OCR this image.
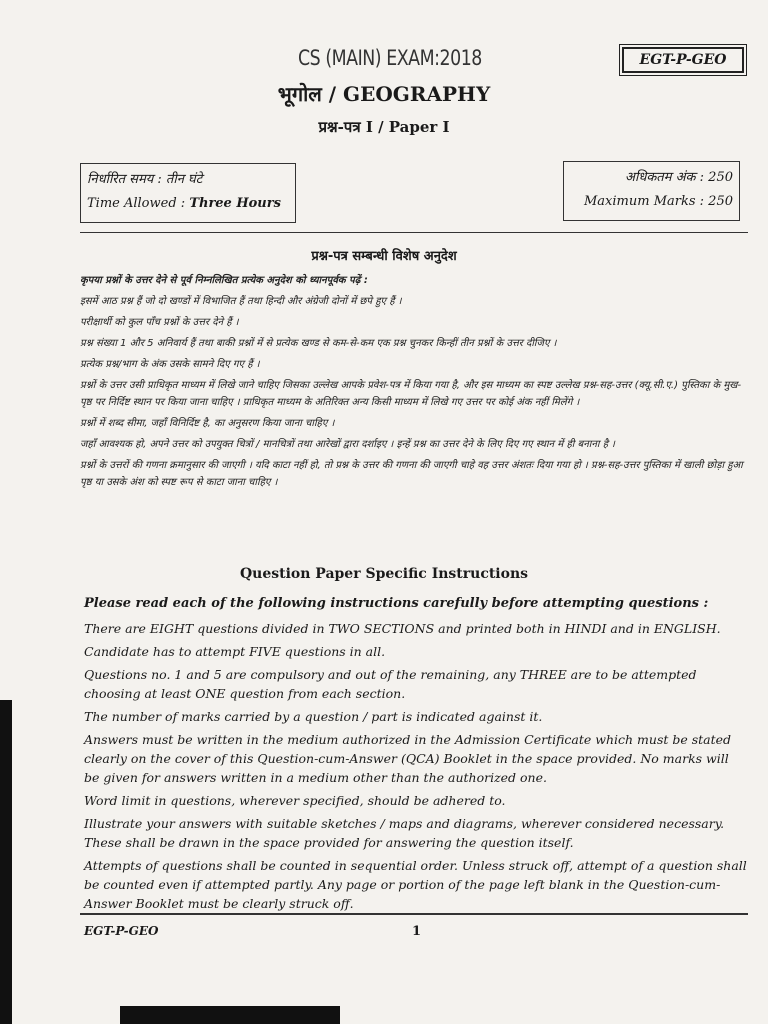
CS (MAIN) EXAM:2018	EGT-P-GEO
भूगोल / GEOGRAPHY
प्रश्न-पत्र I / Paper I
निर्धारित समय : तीन घंटे
Time Allowed : Three Hours
अधिकतम अंक : 250
Maximum Marks : 250
प्रश्न-पत्र सम्बन्धी विशेष अनुदेश

कृपया प्रश्नों के उत्तर देने से पूर्व निम्नलिखित प्रत्येक अनुदेश को ध्यानपूर्वक पढ़ें :

इसमें आठ प्रश्न हैं जो दो खण्डों में विभाजित हैं तथा हिन्दी और अंग्रेजी दोनों में छपे हुए हैं ।

परीक्षार्थी को कुल पाँच प्रश्नों के उत्तर देने हैं ।

प्रश्न संख्या 1 और 5 अनिवार्य हैं तथा बाकी प्रश्नों में से प्रत्येक खण्ड से कम-से-कम एक प्रश्न चुनकर किन्हीं तीन प्रश्नों के उत्तर दीजिए ।

प्रत्येक प्रश्न/भाग के अंक उसके सामने दिए गए हैं ।

प्रश्नों के उत्तर उसी प्राधिकृत माध्यम में लिखे जाने चाहिए जिसका उल्लेख आपके प्रवेश-पत्र में किया गया है, और इस माध्यम का स्पष्ट उल्लेख प्रश्न-सह-उत्तर (क्यू.सी.ए.) पुस्तिका के मुख-पृष्ठ पर निर्दिष्ट स्थान पर किया जाना चाहिए । प्राधिकृत माध्यम के अतिरिक्त अन्य किसी माध्यम में लिखे गए उत्तर पर कोई अंक नहीं मिलेंगे ।

प्रश्नों में शब्द सीमा, जहाँ विनिर्दिष्ट है, का अनुसरण किया जाना चाहिए ।

जहाँ आवश्यक हो, अपने उत्तर को उपयुक्त चित्रों / मानचित्रों तथा आरेखों द्वारा दर्शाइए । इन्हें प्रश्न का उत्तर देने के लिए दिए गए स्थान में ही बनाना है ।

प्रश्नों के उत्तरों की गणना क्रमानुसार की जाएगी । यदि काटा नहीं हो, तो प्रश्न के उत्तर की गणना की जाएगी चाहे वह उत्तर अंशतः दिया गया हो । प्रश्न-सह-उत्तर पुस्तिका में खाली छोड़ा हुआ पृष्ठ या उसके अंश को स्पष्ट रूप से काटा जाना चाहिए ।

Question Paper Specific Instructions

Please read each of the following instructions carefully before attempting questions :

There are EIGHT questions divided in TWO SECTIONS and printed both in HINDI and in ENGLISH.

Candidate has to attempt FIVE questions in all.

Questions no. 1 and 5 are compulsory and out of the remaining, any THREE are to be attempted choosing at least ONE question from each section.

The number of marks carried by a question / part is indicated against it.

Answers must be written in the medium authorized in the Admission Certificate which must be stated clearly on the cover of this Question-cum-Answer (QCA) Booklet in the space provided. No marks will be given for answers written in a medium other than the authorized one.

Word limit in questions, wherever specified, should be adhered to.

Illustrate your answers with suitable sketches / maps and diagrams, wherever considered necessary. These shall be drawn in the space provided for answering the question itself.

Attempts of questions shall be counted in sequential order. Unless struck off, attempt of a question shall be counted even if attempted partly. Any page or portion of the page left blank in the Question-cum-Answer Booklet must be clearly struck off.

EGT-P-GEO	1
